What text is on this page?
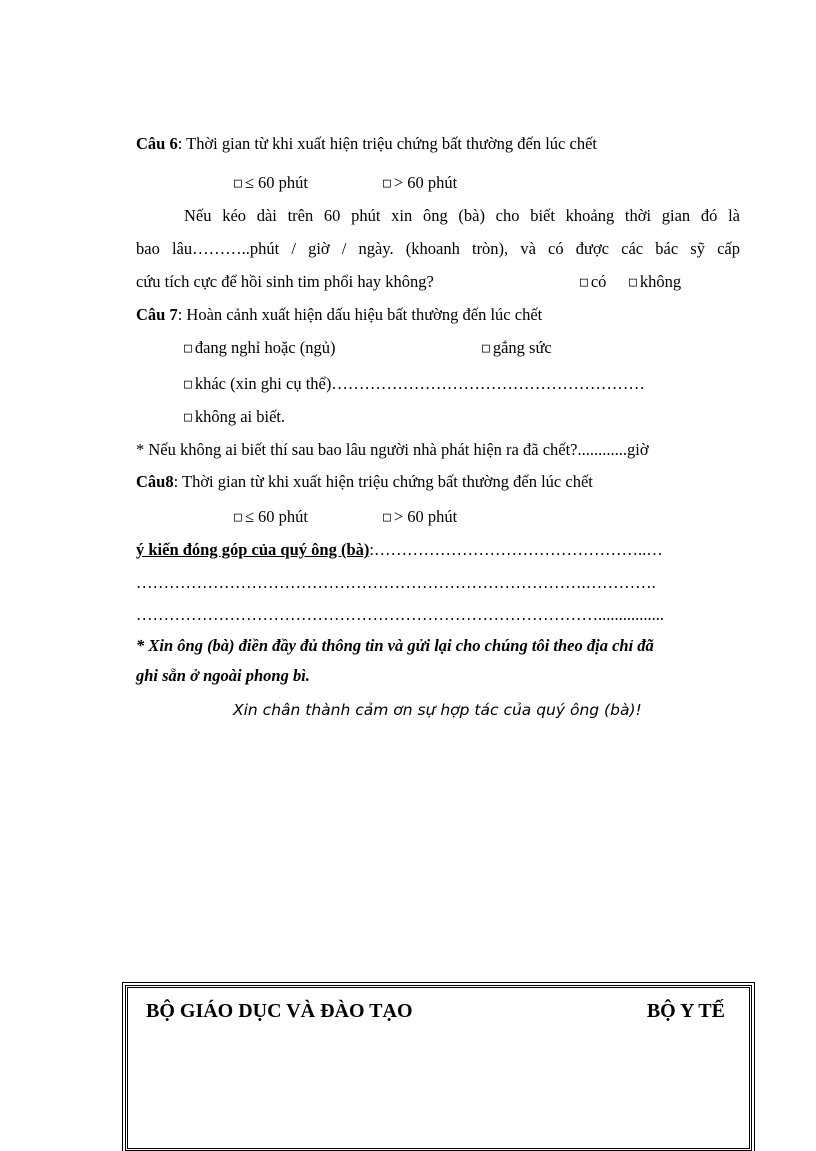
Câu 6: Thời gian từ khi xuất hiện triệu chứng bất thường đến lúc chết
□ ≤ 60 phút	□ > 60 phút
Nếu kéo dài trên 60 phút xin ông (bà) cho biết khoảng thời gian đó là
bao lâu………..phút / giờ / ngày. (khoanh tròn), và có được các bác sỹ cấp
cứu tích cực để hồi sinh tim phổi hay không?	□ có □ không
Câu 7: Hoàn cảnh xuất hiện dấu hiệu bất thường đến lúc chết
□ đang nghỉ hoặc (ngủ)	□ gắng sức
□ khác (xin ghi cụ thể)…………………………………………………
□ không ai biết.
* Nếu không ai biết thí sau bao lâu người nhà phát hiện ra đã chết?............giờ
Câu8: Thời gian từ khi xuất hiện triệu chứng bất thường đến lúc chết
□ ≤ 60 phút	□ > 60 phút
ý kiến đóng góp của quý ông (bà):…………………………………………..…
……………………………………………………………………….………….
…………………………………………………………………………................
* Xin ông (bà) điền đầy đủ thông tin và gửi lại cho chúng tôi theo địa chỉ đã
ghi sẵn ở ngoài phong bì.
Xin chân thành cảm ơn sự hợp tác của quý ông (bà)!
BỘ GIÁO DỤC VÀ ĐÀO TẠO	BỘ Y TẾ
